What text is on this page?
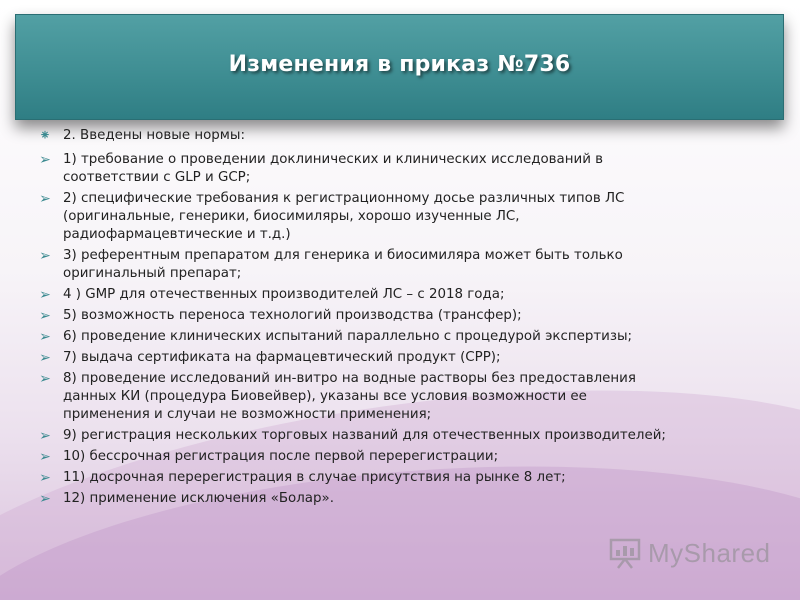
Изменения в приказ №736
⁕ 2. Введены новые нормы:
➢ 1) требование о проведении доклинических и клинических исследований в
соответствии с GLP и GCP;
➢ 2) специфические требования к регистрационному досье различных типов ЛС
(оригинальные, генерики, биосимиляры, хорошо изученные ЛС,
радиофармацевтические и т.д.)
➢ 3) референтным препаратом для генерика и биосимиляра может быть только
оригинальный препарат;
➢ 4 ) GMP для отечественных производителей ЛС – с 2018 года;
➢ 5) возможность переноса технологий производства (трансфер);
➢ 6) проведение клинических испытаний параллельно с процедурой экспертизы;
➢ 7) выдача сертификата на фармацевтический продукт (СРР);
➢ 8) проведение исследований ин-витро на водные растворы без предоставления
данных КИ (процедура Биовейвер), указаны все условия возможности ее
применения и случаи не возможности применения;
➢ 9) регистрация нескольких торговых названий для отечественных производителей;
➢ 10) бессрочная регистрация после первой перерегистрации;
➢ 11) досрочная перерегистрация в случае присутствия на рынке 8 лет;
➢ 12) применение исключения «Болар».
MyShared
